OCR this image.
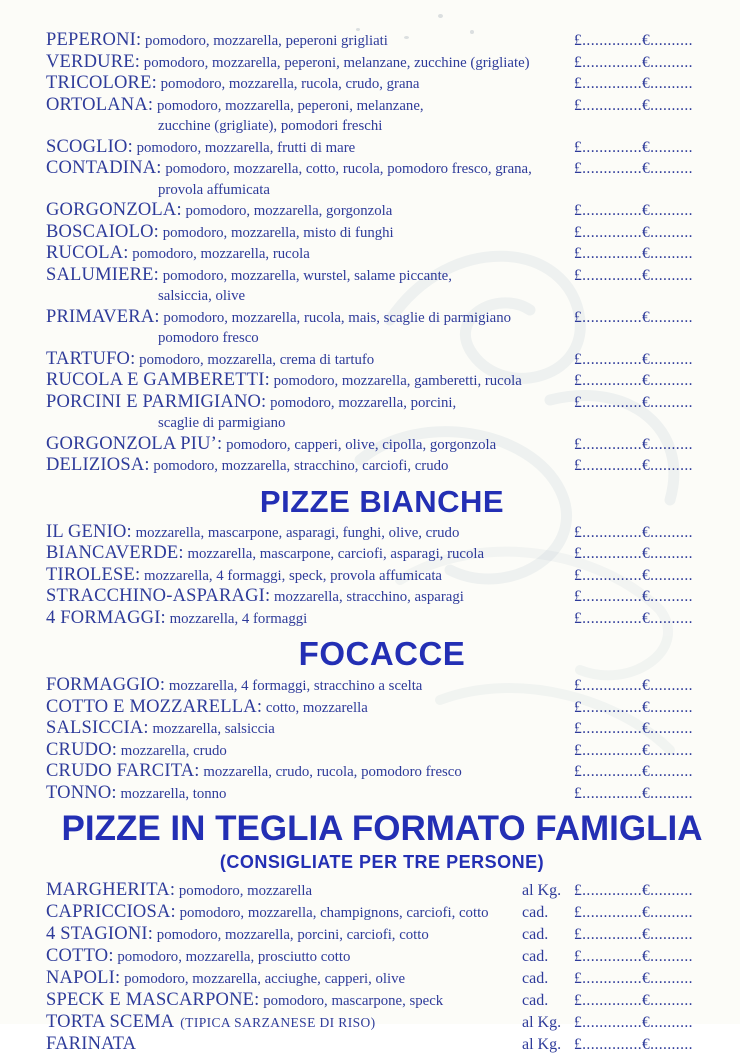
PEPERONI: pomodoro, mozzarella, peperoni grigliati	£..............€..........
VERDURE: pomodoro, mozzarella, peperoni, melanzane, zucchine (grigliate)	£..............€..........
TRICOLORE: pomodoro, mozzarella, rucola, crudo, grana	£..............€..........
ORTOLANA: pomodoro, mozzarella, peperoni, melanzane,
zucchine (grigliate), pomodori freschi
£..............€..........
SCOGLIO: pomodoro, mozzarella, frutti di mare	£..............€..........
CONTADINA: pomodoro, mozzarella, cotto, rucola, pomodoro fresco, grana,
provola affumicata
£..............€..........
GORGONZOLA: pomodoro, mozzarella, gorgonzola	£..............€..........
BOSCAIOLO: pomodoro, mozzarella, misto di funghi	£..............€..........
RUCOLA: pomodoro, mozzarella, rucola	£..............€..........
SALUMIERE: pomodoro, mozzarella, wurstel, salame piccante,
salsiccia, olive
£..............€..........
PRIMAVERA: pomodoro, mozzarella, rucola, mais, scaglie di parmigiano
pomodoro fresco
£..............€..........
TARTUFO: pomodoro, mozzarella, crema di tartufo	£..............€..........
RUCOLA E GAMBERETTI: pomodoro, mozzarella, gamberetti, rucola	£..............€..........
PORCINI E PARMIGIANO: pomodoro, mozzarella, porcini,
scaglie di parmigiano
£..............€..........
GORGONZOLA PIU’: pomodoro, capperi, olive, cipolla, gorgonzola	£..............€..........
DELIZIOSA: pomodoro, mozzarella, stracchino, carciofi, crudo	£..............€..........
PIZZE BIANCHE
IL GENIO: mozzarella, mascarpone, asparagi, funghi, olive, crudo	£..............€..........
BIANCAVERDE: mozzarella, mascarpone, carciofi, asparagi, rucola	£..............€..........
TIROLESE: mozzarella, 4 formaggi, speck, provola affumicata	£..............€..........
STRACCHINO-ASPARAGI: mozzarella, stracchino, asparagi	£..............€..........
4 FORMAGGI: mozzarella, 4 formaggi	£..............€..........
FOCACCE
FORMAGGIO: mozzarella, 4 formaggi, stracchino a scelta	£..............€..........
COTTO E MOZZARELLA: cotto, mozzarella	£..............€..........
SALSICCIA: mozzarella, salsiccia	£..............€..........
CRUDO: mozzarella, crudo	£..............€..........
CRUDO FARCITA: mozzarella, crudo, rucola, pomodoro fresco	£..............€..........
TONNO: mozzarella, tonno	£..............€..........
PIZZE IN TEGLIA FORMATO FAMIGLIA
(CONSIGLIATE PER TRE PERSONE)
MARGHERITA: pomodoro, mozzarella	al Kg. £..............€..........
CAPRICCIOSA: pomodoro, mozzarella, champignons, carciofi, cotto	cad.	£..............€..........
4 STAGIONI: pomodoro, mozzarella, porcini, carciofi, cotto	cad.	£..............€..........
COTTO: pomodoro, mozzarella, prosciutto cotto	cad.	£..............€..........
NAPOLI: pomodoro, mozzarella, acciughe, capperi, olive	cad.	£..............€..........
SPECK E MASCARPONE: pomodoro, mascarpone, speck	cad.	£..............€..........
TORTA SCEMA (TIPICA SARZANESE DI RISO)	al Kg. £..............€..........
FARINATA	al Kg. £..............€..........
